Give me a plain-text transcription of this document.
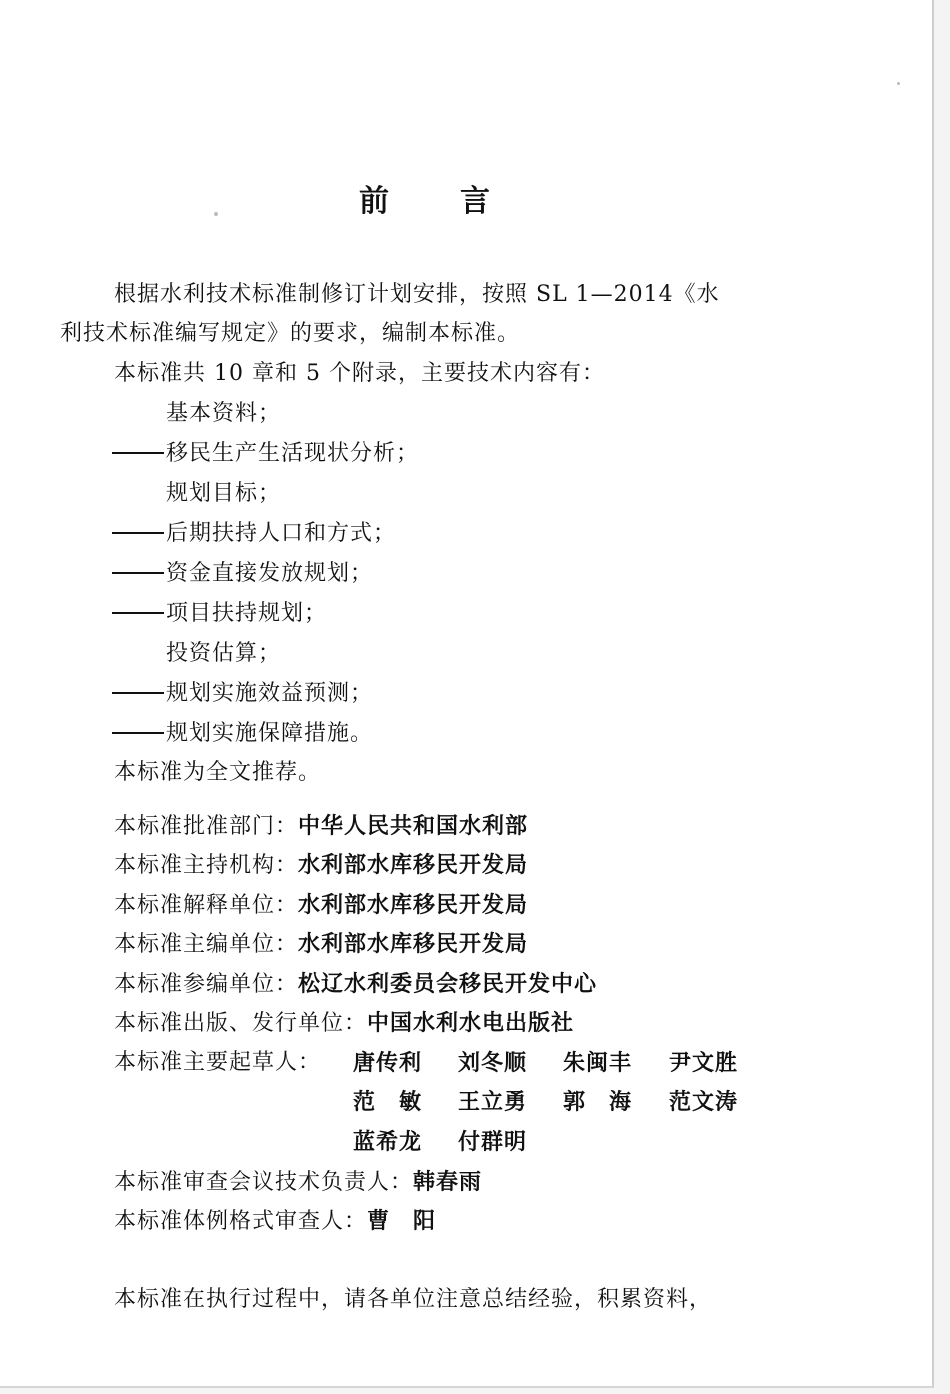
前 言
根据水利技术标准制修订计划安排，按照 SL 1—2014《水
利技术标准编写规定》的要求，编制本标准。
本标准共 10 章和 5 个附录，主要技术内容有：
基本资料；
移民生产生活现状分析；
规划目标；
后期扶持人口和方式；
资金直接发放规划；
项目扶持规划；
投资估算；
规划实施效益预测；
规划实施保障措施。
本标准为全文推荐。
本标准批准部门：中华人民共和国水利部
本标准主持机构：水利部水库移民开发局
本标准解释单位：水利部水库移民开发局
本标准主编单位：水利部水库移民开发局
本标准参编单位：松辽水利委员会移民开发中心
本标准出版、发行单位：中国水利水电出版社
本标准主要起草人： 唐传利 刘冬顺 朱闽丰 尹文胜
范　敏 王立勇 郭　海 范文涛
蓝希龙 付群明
本标准审查会议技术负责人：韩春雨
本标准体例格式审查人：曹　阳
本标准在执行过程中，请各单位注意总结经验，积累资料，
